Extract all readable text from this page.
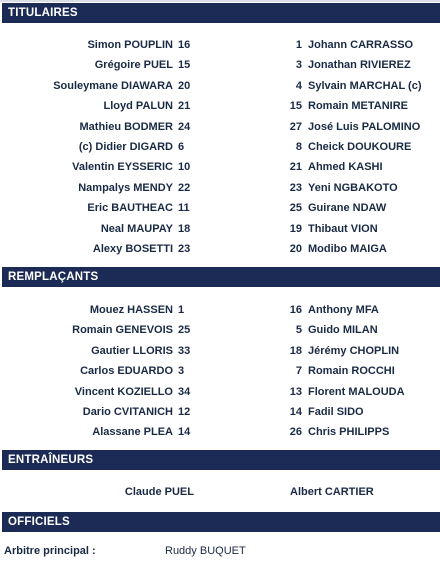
TITULAIRES
Simon POUPLIN 16	1 Johann CARRASSO
Grégoire PUEL 15	3 Jonathan RIVIEREZ
Souleymane DIAWARA 20	4 Sylvain MARCHAL (c)
Lloyd PALUN 21	15 Romain METANIRE
Mathieu BODMER 24	27 José Luis PALOMINO
(c) Didier DIGARD 6	8 Cheick DOUKOURE
Valentin EYSSERIC 10	21 Ahmed KASHI
Nampalys MENDY 22	23 Yeni NGBAKOTO
Eric BAUTHEAC 11	25 Guirane NDAW
Neal MAUPAY 18	19 Thibaut VION
Alexy BOSETTI 23	20 Modibo MAIGA
REMPLAÇANTS
Mouez HASSEN 1	16 Anthony MFA
Romain GENEVOIS 25	5 Guido MILAN
Gautier LLORIS 33	18 Jérémy CHOPLIN
Carlos EDUARDO 3	7 Romain ROCCHI
Vincent KOZIELLO 34	13 Florent MALOUDA
Dario CVITANICH 12	14 Fadil SIDO
Alassane PLEA 14	26 Chris PHILIPPS
ENTRAÎNEURS
Claude PUEL	Albert CARTIER
OFFICIELS
Arbitre principal :	Ruddy BUQUET
